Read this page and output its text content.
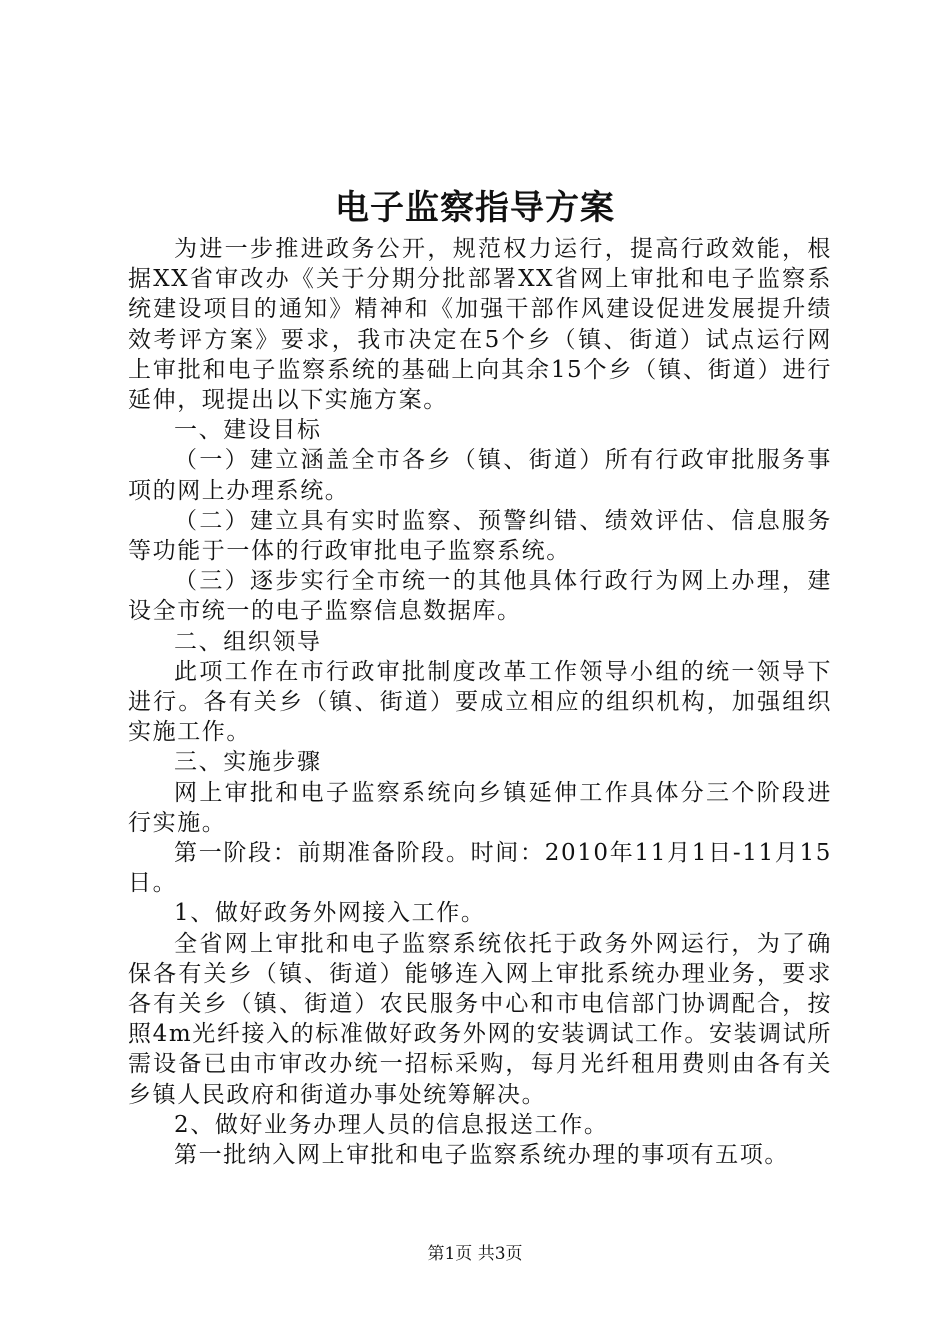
电子监察指导方案

为进一步推进政务公开，规范权力运行，提高行政效能，根据XX省审改办《关于分期分批部署XX省网上审批和电子监察系统建设项目的通知》精神和《加强干部作风建设促进发展提升绩效考评方案》要求，我市决定在5个乡（镇、街道）试点运行网上审批和电子监察系统的基础上向其余15个乡（镇、街道）进行延伸，现提出以下实施方案。

一、建设目标

（一）建立涵盖全市各乡（镇、街道）所有行政审批服务事项的网上办理系统。

（二）建立具有实时监察、预警纠错、绩效评估、信息服务等功能于一体的行政审批电子监察系统。

（三）逐步实行全市统一的其他具体行政行为网上办理，建设全市统一的电子监察信息数据库。

二、组织领导

此项工作在市行政审批制度改革工作领导小组的统一领导下进行。各有关乡（镇、街道）要成立相应的组织机构，加强组织实施工作。

三、实施步骤

网上审批和电子监察系统向乡镇延伸工作具体分三个阶段进行实施。

第一阶段：前期准备阶段。时间：2010年11月1日-11月15日。

1、做好政务外网接入工作。

全省网上审批和电子监察系统依托于政务外网运行，为了确保各有关乡（镇、街道）能够连入网上审批系统办理业务，要求各有关乡（镇、街道）农民服务中心和市电信部门协调配合，按照4m光纤接入的标准做好政务外网的安装调试工作。安装调试所需设备已由市审改办统一招标采购，每月光纤租用费则由各有关乡镇人民政府和街道办事处统筹解决。

2、做好业务办理人员的信息报送工作。

第一批纳入网上审批和电子监察系统办理的事项有五项。

第1页 共3页
